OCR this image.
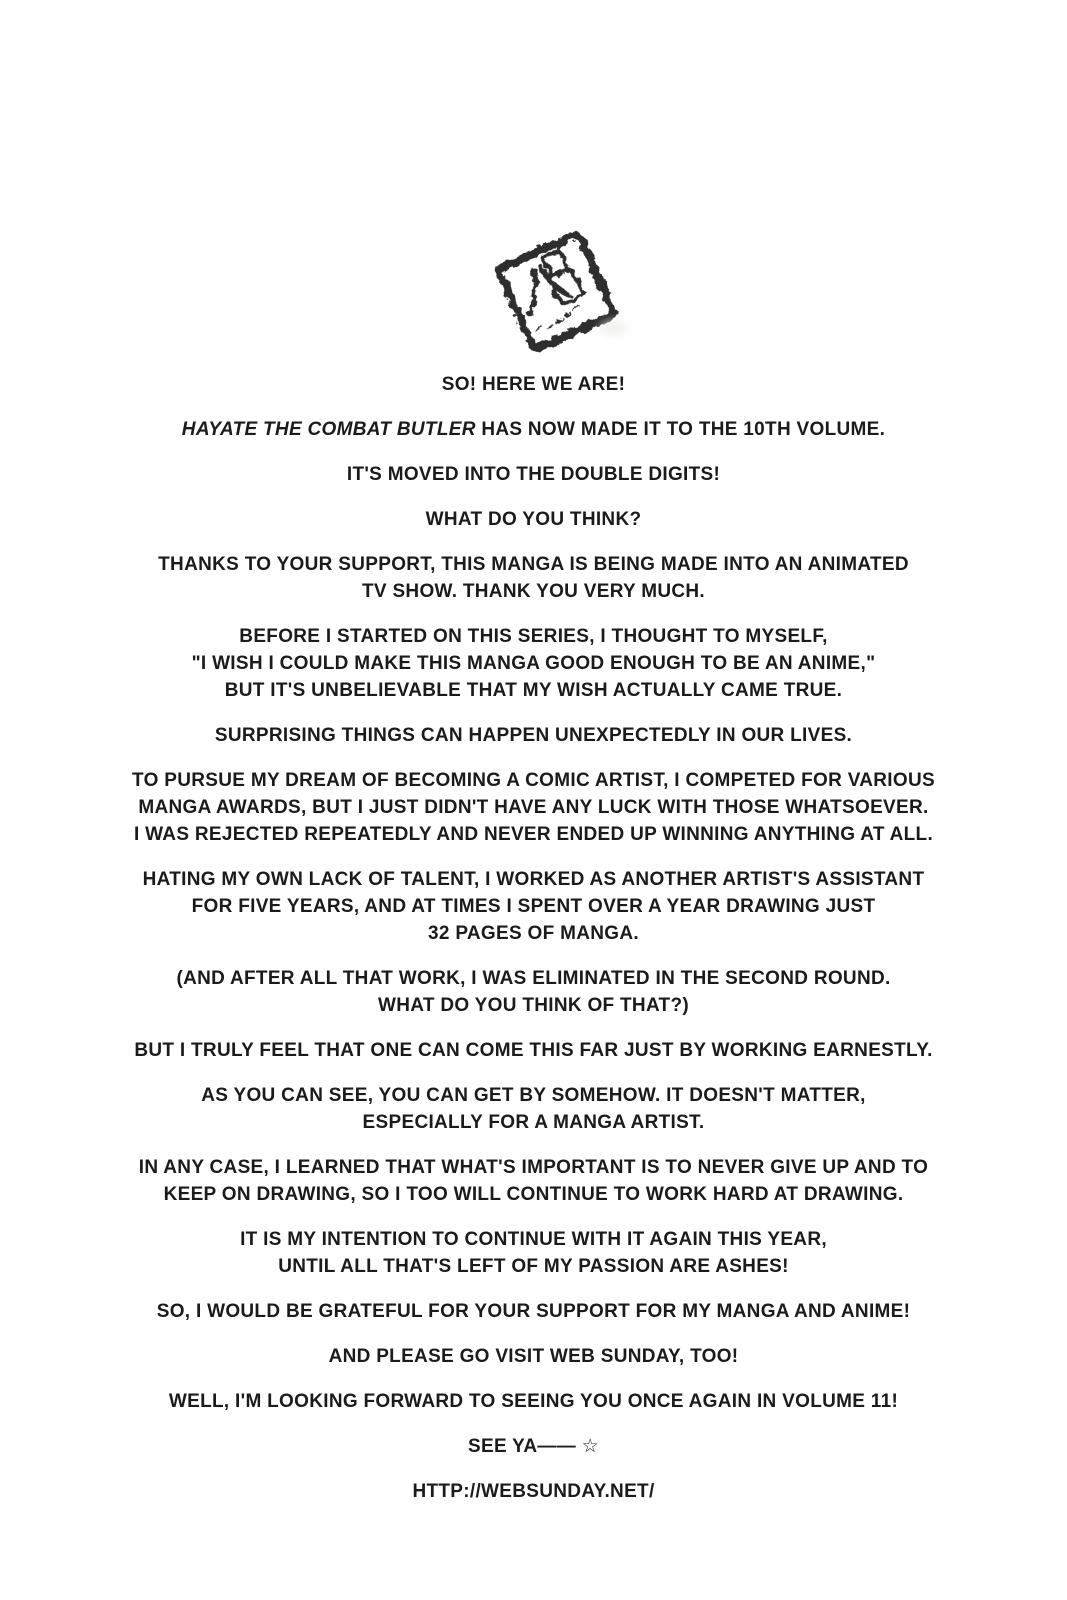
SO! HERE WE ARE!

HAYATE THE COMBAT BUTLER HAS NOW MADE IT TO THE 10TH VOLUME.

IT'S MOVED INTO THE DOUBLE DIGITS!

WHAT DO YOU THINK?

THANKS TO YOUR SUPPORT, THIS MANGA IS BEING MADE INTO AN ANIMATED
TV SHOW. THANK YOU VERY MUCH.

BEFORE I STARTED ON THIS SERIES, I THOUGHT TO MYSELF,
"I WISH I COULD MAKE THIS MANGA GOOD ENOUGH TO BE AN ANIME,"
BUT IT'S UNBELIEVABLE THAT MY WISH ACTUALLY CAME TRUE.

SURPRISING THINGS CAN HAPPEN UNEXPECTEDLY IN OUR LIVES.

TO PURSUE MY DREAM OF BECOMING A COMIC ARTIST, I COMPETED FOR VARIOUS
MANGA AWARDS, BUT I JUST DIDN'T HAVE ANY LUCK WITH THOSE WHATSOEVER.
I WAS REJECTED REPEATEDLY AND NEVER ENDED UP WINNING ANYTHING AT ALL.

HATING MY OWN LACK OF TALENT, I WORKED AS ANOTHER ARTIST'S ASSISTANT
FOR FIVE YEARS, AND AT TIMES I SPENT OVER A YEAR DRAWING JUST
32 PAGES OF MANGA.

(AND AFTER ALL THAT WORK, I WAS ELIMINATED IN THE SECOND ROUND.
WHAT DO YOU THINK OF THAT?)

BUT I TRULY FEEL THAT ONE CAN COME THIS FAR JUST BY WORKING EARNESTLY.

AS YOU CAN SEE, YOU CAN GET BY SOMEHOW. IT DOESN'T MATTER,
ESPECIALLY FOR A MANGA ARTIST.

IN ANY CASE, I LEARNED THAT WHAT'S IMPORTANT IS TO NEVER GIVE UP AND TO
KEEP ON DRAWING, SO I TOO WILL CONTINUE TO WORK HARD AT DRAWING.

IT IS MY INTENTION TO CONTINUE WITH IT AGAIN THIS YEAR,
UNTIL ALL THAT'S LEFT OF MY PASSION ARE ASHES!

SO, I WOULD BE GRATEFUL FOR YOUR SUPPORT FOR MY MANGA AND ANIME!

AND PLEASE GO VISIT WEB SUNDAY, TOO!

WELL, I'M LOOKING FORWARD TO SEEING YOU ONCE AGAIN IN VOLUME 11!

SEE YA—— ☆

HTTP://WEBSUNDAY.NET/
